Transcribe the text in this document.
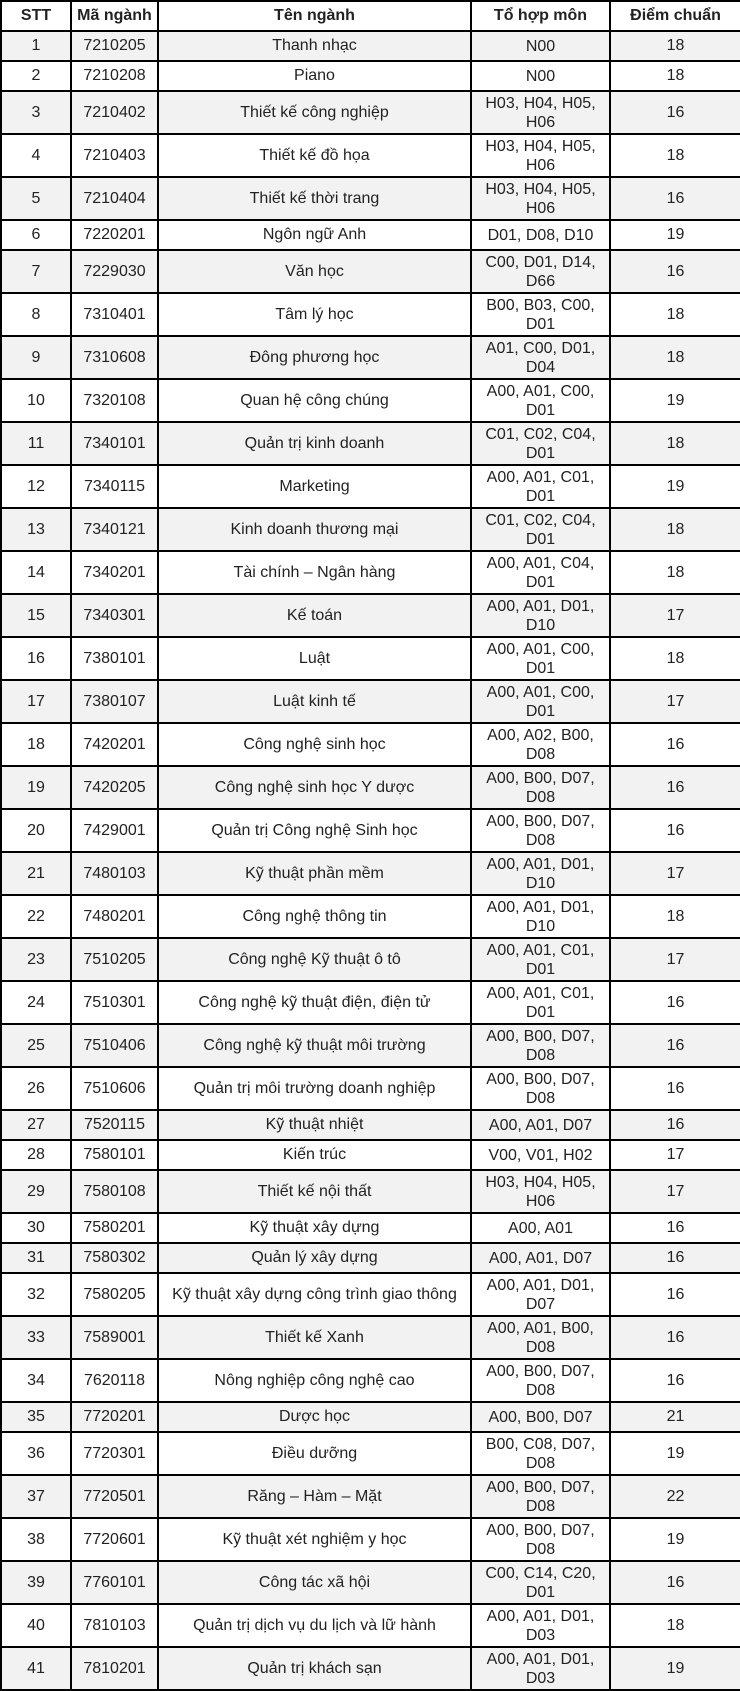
STT	Mã ngành	Tên ngành	Tổ hợp môn	Điểm chuẩn
1	7210205	Thanh nhạc	N00	18
2	7210208	Piano	N00	18
3	7210402	Thiết kế công nghiệp	H03, H04, H05, H06	16
4	7210403	Thiết kế đồ họa	H03, H04, H05, H06	18
5	7210404	Thiết kế thời trang	H03, H04, H05, H06	16
6	7220201	Ngôn ngữ Anh	D01, D08, D10	19
7	7229030	Văn học	C00, D01, D14, D66	16
8	7310401	Tâm lý học	B00, B03, C00, D01	18
9	7310608	Đông phương học	A01, C00, D01, D04	18
10	7320108	Quan hệ công chúng	A00, A01, C00, D01	19
11	7340101	Quản trị kinh doanh	C01, C02, C04, D01	18
12	7340115	Marketing	A00, A01, C01, D01	19
13	7340121	Kinh doanh thương mại	C01, C02, C04, D01	18
14	7340201	Tài chính – Ngân hàng	A00, A01, C04, D01	18
15	7340301	Kế toán	A00, A01, D01, D10	17
16	7380101	Luật	A00, A01, C00, D01	18
17	7380107	Luật kinh tế	A00, A01, C00, D01	17
18	7420201	Công nghệ sinh học	A00, A02, B00, D08	16
19	7420205	Công nghệ sinh học Y dược	A00, B00, D07, D08	16
20	7429001	Quản trị Công nghệ Sinh học	A00, B00, D07, D08	16
21	7480103	Kỹ thuật phần mềm	A00, A01, D01, D10	17
22	7480201	Công nghệ thông tin	A00, A01, D01, D10	18
23	7510205	Công nghệ Kỹ thuật ô tô	A00, A01, C01, D01	17
24	7510301	Công nghệ kỹ thuật điện, điện tử	A00, A01, C01, D01	16
25	7510406	Công nghệ kỹ thuật môi trường	A00, B00, D07, D08	16
26	7510606	Quản trị môi trường doanh nghiệp	A00, B00, D07, D08	16
27	7520115	Kỹ thuật nhiệt	A00, A01, D07	16
28	7580101	Kiến trúc	V00, V01, H02	17
29	7580108	Thiết kế nội thất	H03, H04, H05, H06	17
30	7580201	Kỹ thuật xây dựng	A00, A01	16
31	7580302	Quản lý xây dựng	A00, A01, D07	16
32	7580205	Kỹ thuật xây dựng công trình giao thông	A00, A01, D01, D07	16
33	7589001	Thiết kế Xanh	A00, A01, B00, D08	16
34	7620118	Nông nghiệp công nghệ cao	A00, B00, D07, D08	16
35	7720201	Dược học	A00, B00, D07	21
36	7720301	Điều dưỡng	B00, C08, D07, D08	19
37	7720501	Răng – Hàm – Mặt	A00, B00, D07, D08	22
38	7720601	Kỹ thuật xét nghiệm y học	A00, B00, D07, D08	19
39	7760101	Công tác xã hội	C00, C14, C20, D01	16
40	7810103	Quản trị dịch vụ du lịch và lữ hành	A00, A01, D01, D03	18
41	7810201	Quản trị khách sạn	A00, A01, D01, D03	19
